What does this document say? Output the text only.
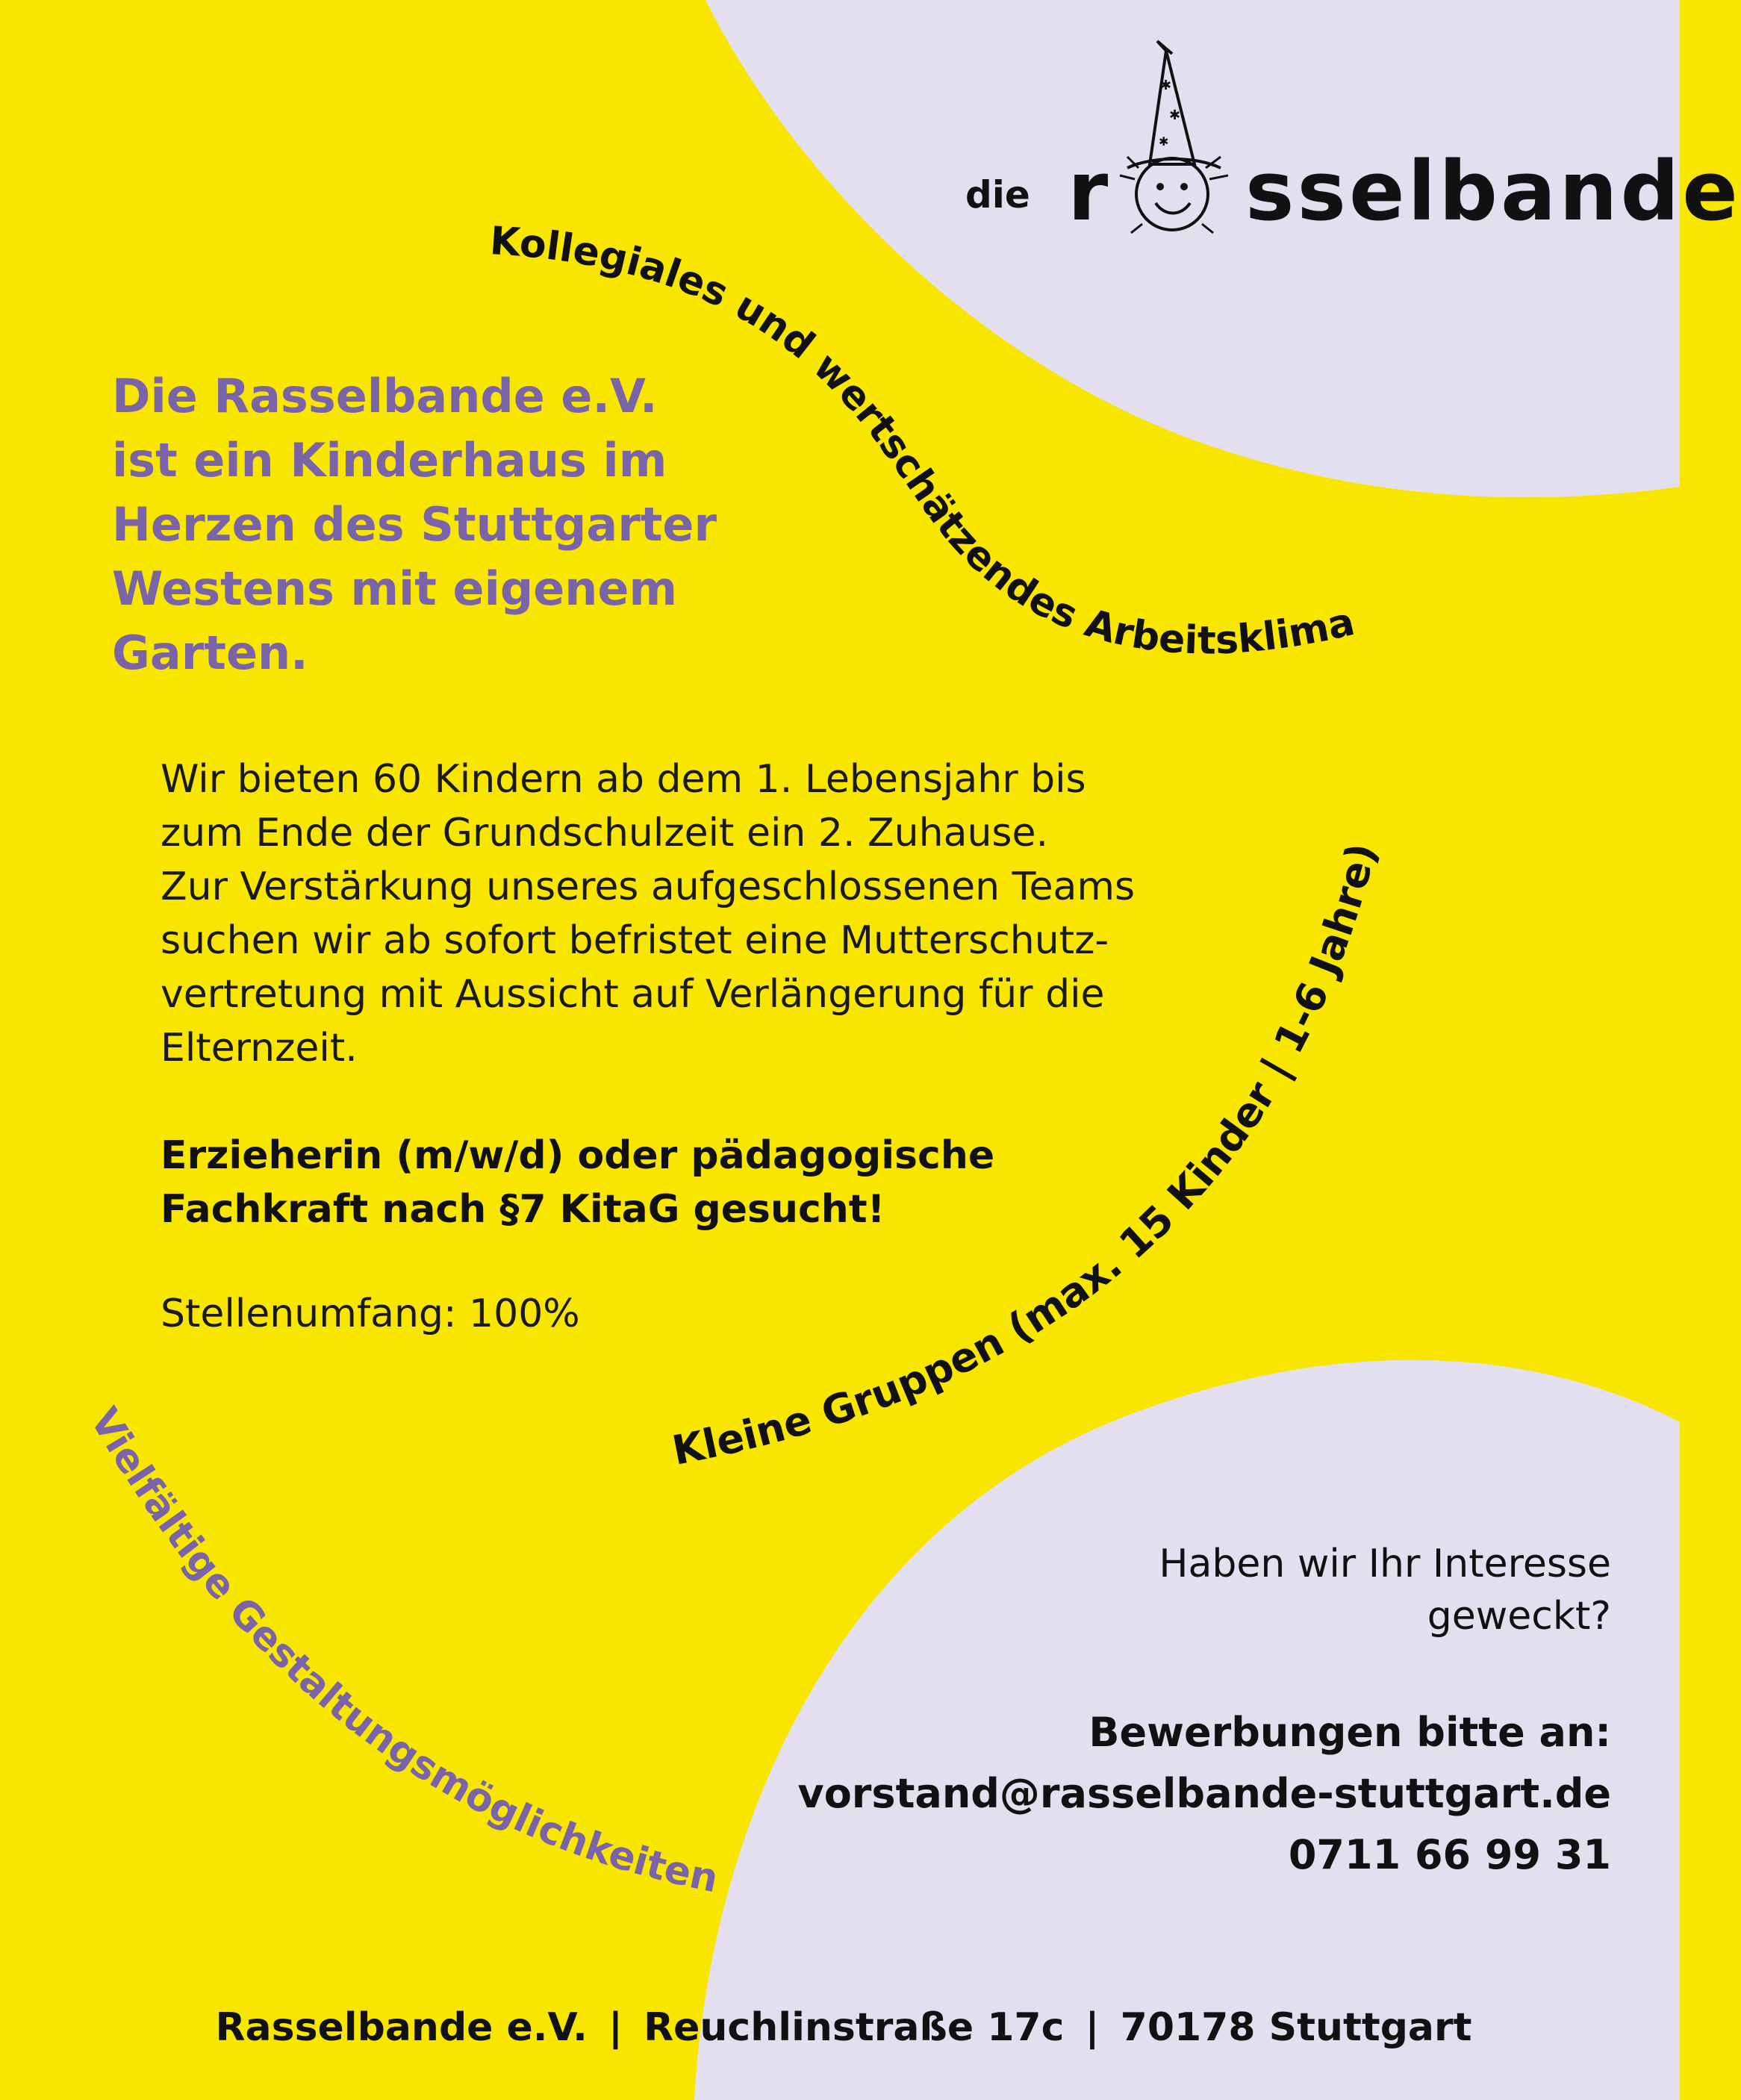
Kollegiales und wertschätzendes Arbeitsklima
Kleine Gruppen (max. 15 Kinder | 1-6 Jahre)
Vielfältige Gestaltungsmöglichkeiten
die r
✱
✱
✱
sselbande
Die Rasselbande e.V.
ist ein Kinderhaus im
Herzen des Stuttgarter
Westens mit eigenem
Garten.
Wir bieten 60 Kindern ab dem 1. Lebensjahr bis
zum Ende der Grundschulzeit ein 2. Zuhause.
Zur Verstärkung unseres aufgeschlossenen Teams
suchen wir ab sofort befristet eine Mutterschutz-
vertretung mit Aussicht auf Verlängerung für die
Elternzeit.
Erzieherin (m/w/d) oder pädagogische
Fachkraft nach §7 KitaG gesucht!
Stellenumfang: 100%
Haben wir Ihr Interesse
geweckt?
Bewerbungen bitte an:
vorstand@rasselbande-stuttgart.de
0711 66 99 31
Rasselbande e.V. | Reuchlinstraße 17c | 70178 Stuttgart
